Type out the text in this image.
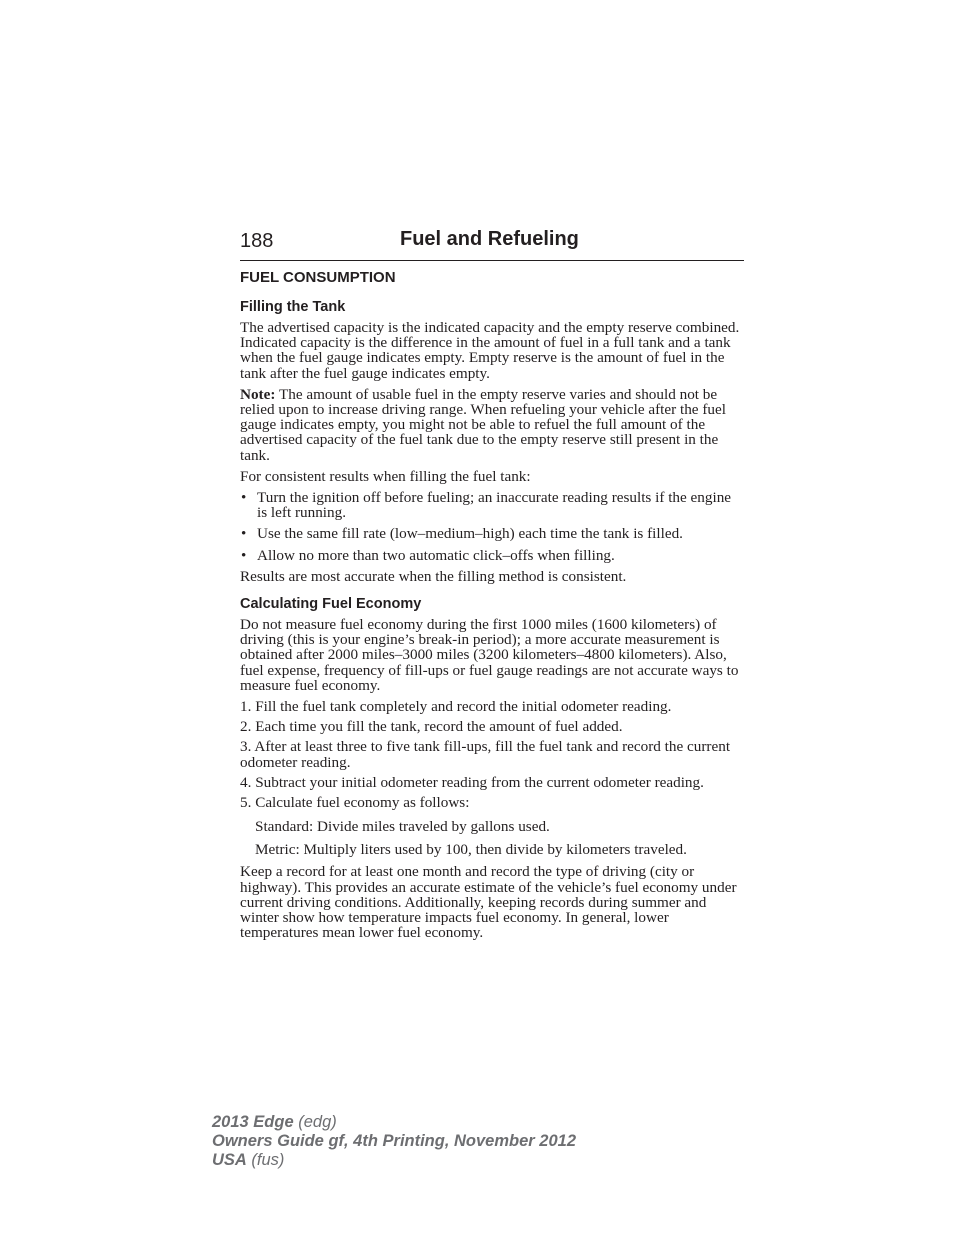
188	Fuel and Refueling
FUEL CONSUMPTION
Filling the Tank

The advertised capacity is the indicated capacity and the empty reserve combined. Indicated capacity is the difference in the amount of fuel in a full tank and a tank when the fuel gauge indicates empty. Empty reserve is the amount of fuel in the tank after the fuel gauge indicates empty.

Note: The amount of usable fuel in the empty reserve varies and should not be relied upon to increase driving range. When refueling your vehicle after the fuel gauge indicates empty, you might not be able to refuel the full amount of the advertised capacity of the fuel tank due to the empty reserve still present in the tank.

For consistent results when filling the fuel tank:

• Turn the ignition off before fueling; an inaccurate reading results if the engine is left running.
• Use the same fill rate (low–medium–high) each time the tank is filled.
• Allow no more than two automatic click–offs when filling.

Results are most accurate when the filling method is consistent.

Calculating Fuel Economy

Do not measure fuel economy during the first 1000 miles (1600 kilometers) of driving (this is your engine’s break-in period); a more accurate measurement is obtained after 2000 miles–3000 miles (3200 kilometers–4800 kilometers). Also, fuel expense, frequency of fill-ups or fuel gauge readings are not accurate ways to measure fuel economy.

1. Fill the fuel tank completely and record the initial odometer reading.
2. Each time you fill the tank, record the amount of fuel added.
3. After at least three to five tank fill-ups, fill the fuel tank and record the current odometer reading.
4. Subtract your initial odometer reading from the current odometer reading.
5. Calculate fuel economy as follows:
Standard: Divide miles traveled by gallons used.
Metric: Multiply liters used by 100, then divide by kilometers traveled.

Keep a record for at least one month and record the type of driving (city or highway). This provides an accurate estimate of the vehicle’s fuel economy under current driving conditions. Additionally, keeping records during summer and winter show how temperature impacts fuel economy. In general, lower temperatures mean lower fuel economy.

2013 Edge (edg)
Owners Guide gf, 4th Printing, November 2012
USA (fus)
